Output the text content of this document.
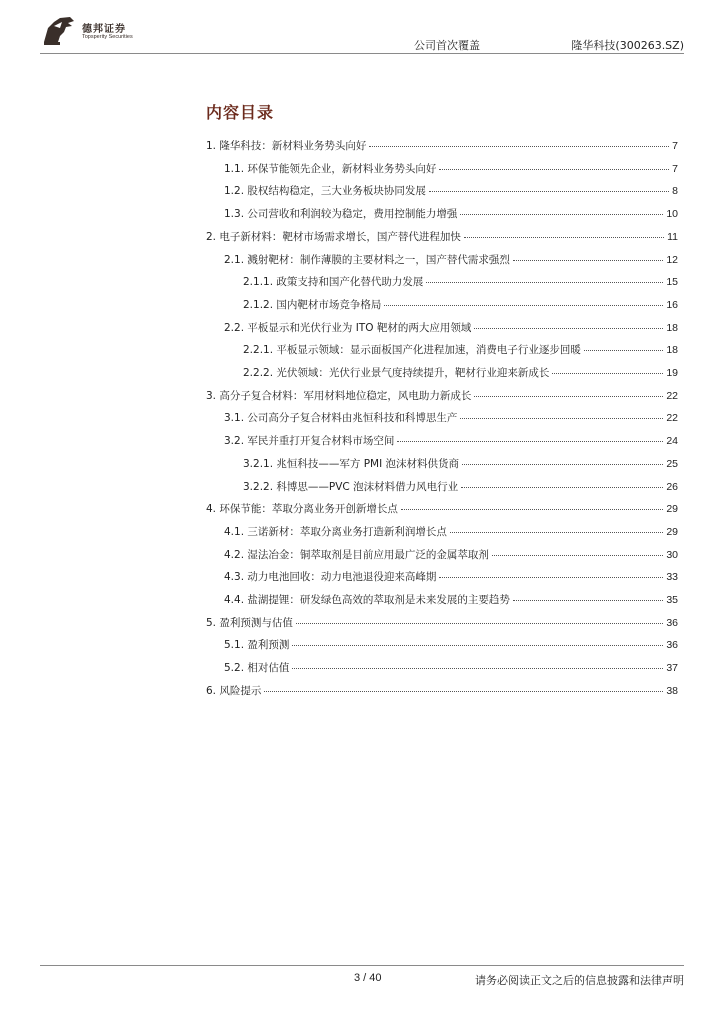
德邦证券
Topsperity Securities
公司首次覆盖	隆华科技(300263.SZ)
内容目录
1. 隆华科技：新材料业务势头向好	7
1.1. 环保节能领先企业，新材料业务势头向好	7
1.2. 股权结构稳定，三大业务板块协同发展	8
1.3. 公司营收和利润较为稳定，费用控制能力增强	10
2. 电子新材料：靶材市场需求增长，国产替代进程加快	11
2.1. 溅射靶材：制作薄膜的主要材料之一，国产替代需求强烈	12
2.1.1. 政策支持和国产化替代助力发展	15
2.1.2. 国内靶材市场竞争格局	16
2.2. 平板显示和光伏行业为 ITO 靶材的两大应用领域	18
2.2.1. 平板显示领域：显示面板国产化进程加速，消费电子行业逐步回暖	18
2.2.2. 光伏领域：光伏行业景气度持续提升，靶材行业迎来新成长	19
3. 高分子复合材料：军用材料地位稳定，风电助力新成长	22
3.1. 公司高分子复合材料由兆恒科技和科博思生产	22
3.2. 军民并重打开复合材料市场空间	24
3.2.1. 兆恒科技——军方 PMI 泡沫材料供货商	25
3.2.2. 科博思——PVC 泡沫材料借力风电行业	26
4. 环保节能：萃取分离业务开创新增长点	29
4.1. 三诺新材：萃取分离业务打造新利润增长点	29
4.2. 湿法冶金：铜萃取剂是目前应用最广泛的金属萃取剂	30
4.3. 动力电池回收：动力电池退役迎来高峰期	33
4.4. 盐湖提锂：研发绿色高效的萃取剂是未来发展的主要趋势	35
5. 盈利预测与估值	36
5.1. 盈利预测	36
5.2. 相对估值	37
6. 风险提示	38
3 / 40	请务必阅读正文之后的信息披露和法律声明
